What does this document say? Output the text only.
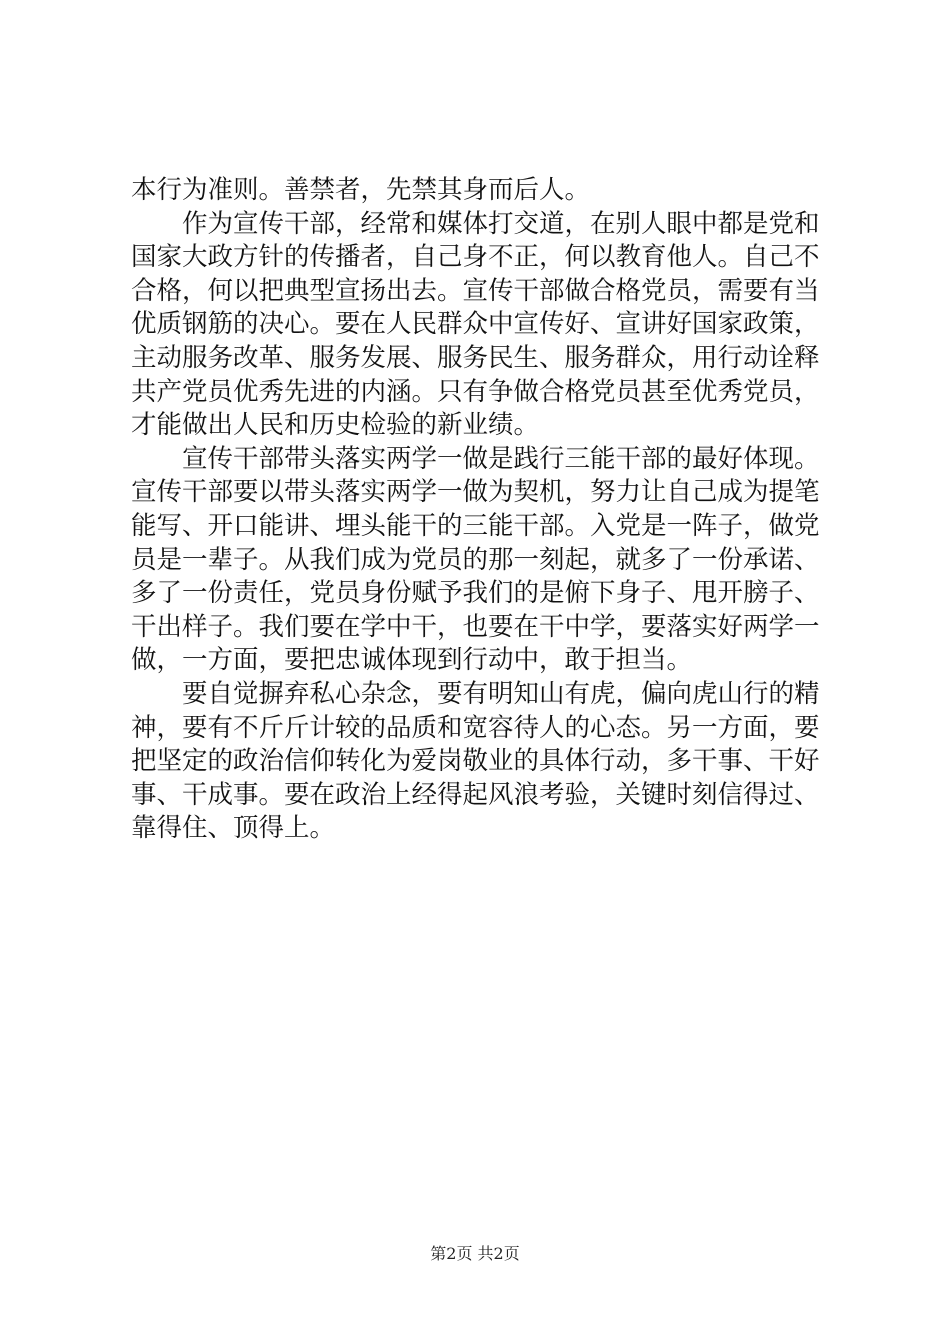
本行为准则。善禁者，先禁其身而后人。
作为宣传干部，经常和媒体打交道，在别人眼中都是党和
国家大政方针的传播者，自己身不正，何以教育他人。自己不
合格，何以把典型宣扬出去。宣传干部做合格党员，需要有当
优质钢筋的决心。要在人民群众中宣传好、宣讲好国家政策，
主动服务改革、服务发展、服务民生、服务群众，用行动诠释
共产党员优秀先进的内涵。只有争做合格党员甚至优秀党员，
才能做出人民和历史检验的新业绩。
宣传干部带头落实两学一做是践行三能干部的最好体现。
宣传干部要以带头落实两学一做为契机，努力让自己成为提笔
能写、开口能讲、埋头能干的三能干部。入党是一阵子，做党
员是一辈子。从我们成为党员的那一刻起，就多了一份承诺、
多了一份责任，党员身份赋予我们的是俯下身子、甩开膀子、
干出样子。我们要在学中干，也要在干中学，要落实好两学一
做，一方面，要把忠诚体现到行动中，敢于担当。
要自觉摒弃私心杂念，要有明知山有虎，偏向虎山行的精
神，要有不斤斤计较的品质和宽容待人的心态。另一方面，要
把坚定的政治信仰转化为爱岗敬业的具体行动，多干事、干好
事、干成事。要在政治上经得起风浪考验，关键时刻信得过、
靠得住、顶得上。
第2页 共2页
